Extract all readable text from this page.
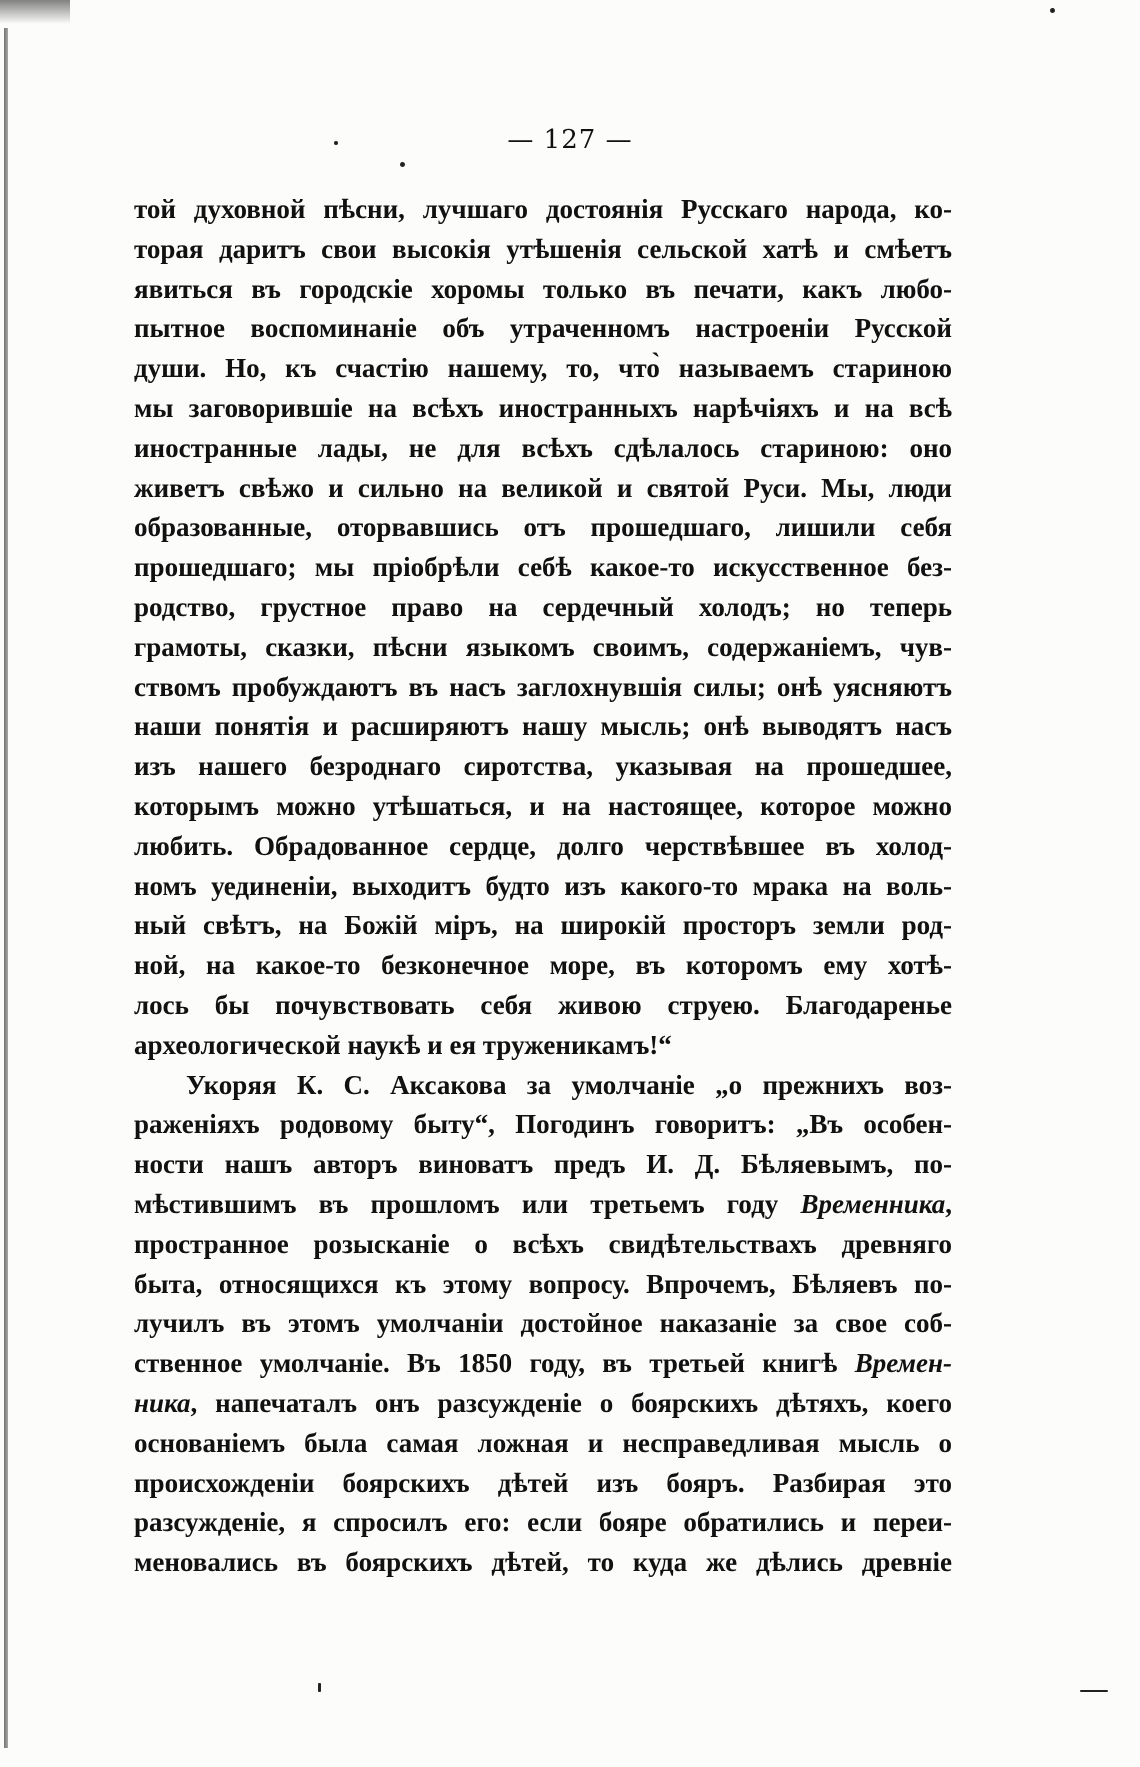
— 127 —
той духовной пѣсни, лучшаго достоянія Русскаго народа, ко-
торая даритъ свои высокія утѣшенія сельской хатѣ и смѣетъ
явиться въ городскіе хоромы только въ печати, какъ любо-
пытное воспоминаніе объ утраченномъ настроеніи Русской
души. Но, къ счастію нашему, то, что̀ называемъ стариною
мы заговорившіе на всѣхъ иностранныхъ нарѣчіяхъ и на всѣ
иностранные лады, не для всѣхъ сдѣлалось стариною: оно
живетъ свѣжо и сильно на великой и святой Руси. Мы, люди
образованные, оторвавшись отъ прошедшаго, лишили себя
прошедшаго; мы пріобрѣли себѣ какое-то искусственное без-
родство, грустное право на сердечный холодъ; но теперь
грамоты, сказки, пѣсни языкомъ своимъ, содержаніемъ, чув-
ствомъ пробуждаютъ въ насъ заглохнувшія силы; онѣ уясняютъ
наши понятія и расширяютъ нашу мысль; онѣ выводятъ насъ
изъ нашего безроднаго сиротства, указывая на прошедшее,
которымъ можно утѣшаться, и на настоящее, которое можно
любить. Обрадованное сердце, долго черствѣвшее въ холод-
номъ уединеніи, выходитъ будто изъ какого-то мрака на воль-
ный свѣтъ, на Божій міръ, на широкій просторъ земли род-
ной, на какое-то безконечное море, въ которомъ ему хотѣ-
лось бы почувствовать себя живою струею. Благодареньe
археологической наукѣ и ея труженикамъ!“
Укоряя К. С. Аксакова за умолчаніе „о прежнихъ воз-
раженіяхъ родовому быту“, Погодинъ говоритъ: „Въ особен-
ности нашъ авторъ виноватъ предъ И. Д. Бѣляевымъ, по-
мѣстившимъ въ прошломъ или третьемъ году Временника,
пространное розысканіе о всѣхъ свидѣтельствахъ древняго
быта, относящихся къ этому вопросу. Впрочемъ, Бѣляевъ по-
лучилъ въ этомъ умолчаніи достойное наказаніе за свое соб-
ственное умолчаніе. Въ 1850 году, въ третьей книгѣ Времен-
ника, напечаталъ онъ разсужденіе о боярскихъ дѣтяхъ, коего
основаніемъ была самая ложная и несправедливая мысль о
происхожденіи боярскихъ дѣтей изъ бояръ. Разбирая это
разсужденіе, я спросилъ его: если бояре обратились и переи-
меновались въ боярскихъ дѣтей, то куда же дѣлись древніе
